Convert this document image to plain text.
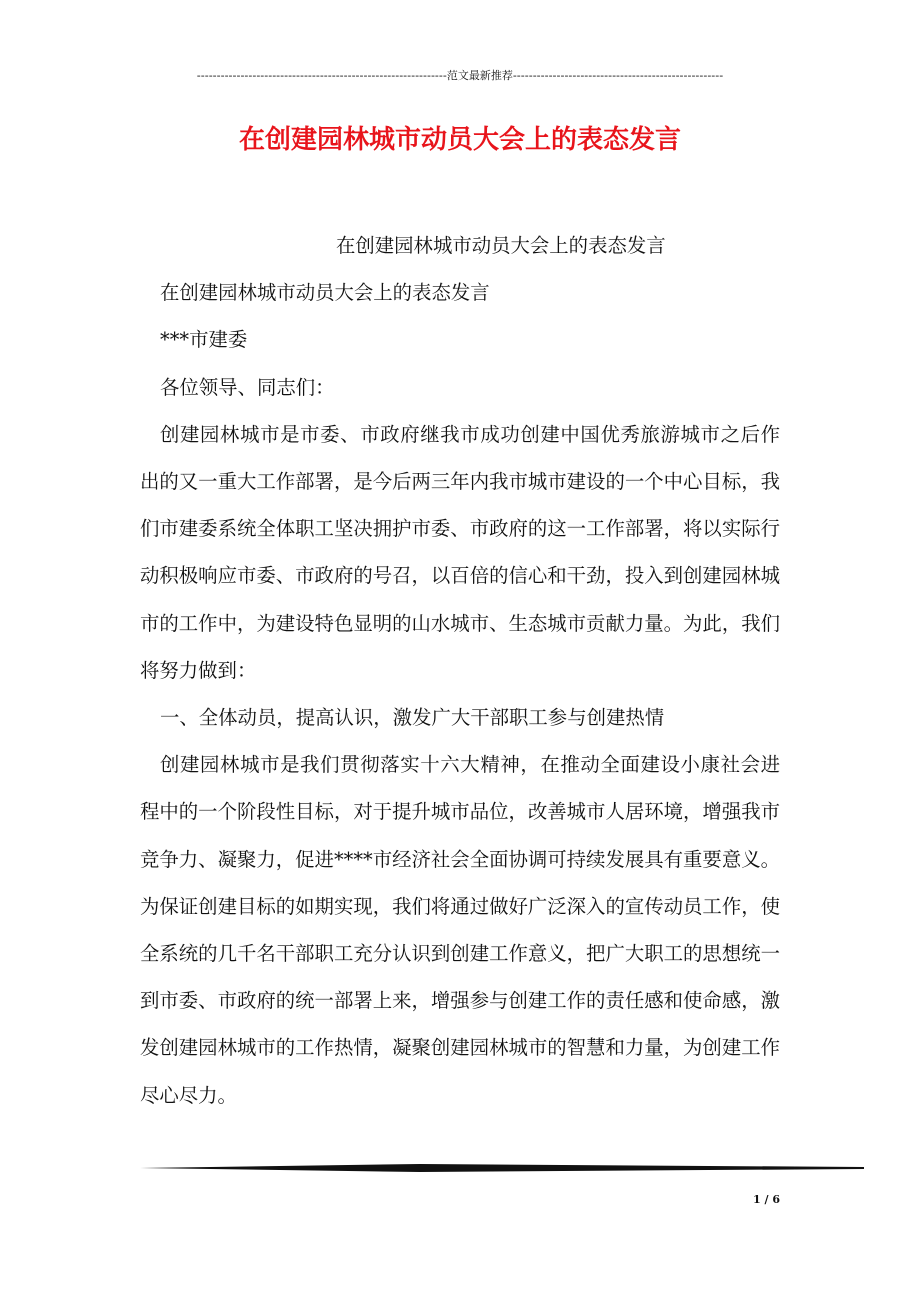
---------------------------------------------------------------范文最新推荐-----------------------------------------------------
在创建园林城市动员大会上的表态发言

在创建园林城市动员大会上的表态发言

在创建园林城市动员大会上的表态发言

***市建委

各位领导、同志们：

创建园林城市是市委、市政府继我市成功创建中国优秀旅游城市之后作出的又一重大工作部署，是今后两三年内我市城市建设的一个中心目标，我们市建委系统全体职工坚决拥护市委、市政府的这一工作部署，将以实际行动积极响应市委、市政府的号召，以百倍的信心和干劲，投入到创建园林城市的工作中，为建设特色显明的山水城市、生态城市贡献力量。为此，我们将努力做到：

一、全体动员，提高认识，激发广大干部职工参与创建热情

创建园林城市是我们贯彻落实十六大精神，在推动全面建设小康社会进程中的一个阶段性目标，对于提升城市品位，改善城市人居环境，增强我市竞争力、凝聚力，促进****市经济社会全面协调可持续发展具有重要意义。为保证创建目标的如期实现，我们将通过做好广泛深入的宣传动员工作，使全系统的几千名干部职工充分认识到创建工作意义，把广大职工的思想统一到市委、市政府的统一部署上来，增强参与创建工作的责任感和使命感，激发创建园林城市的工作热情，凝聚创建园林城市的智慧和力量，为创建工作尽心尽力。

1 / 6
